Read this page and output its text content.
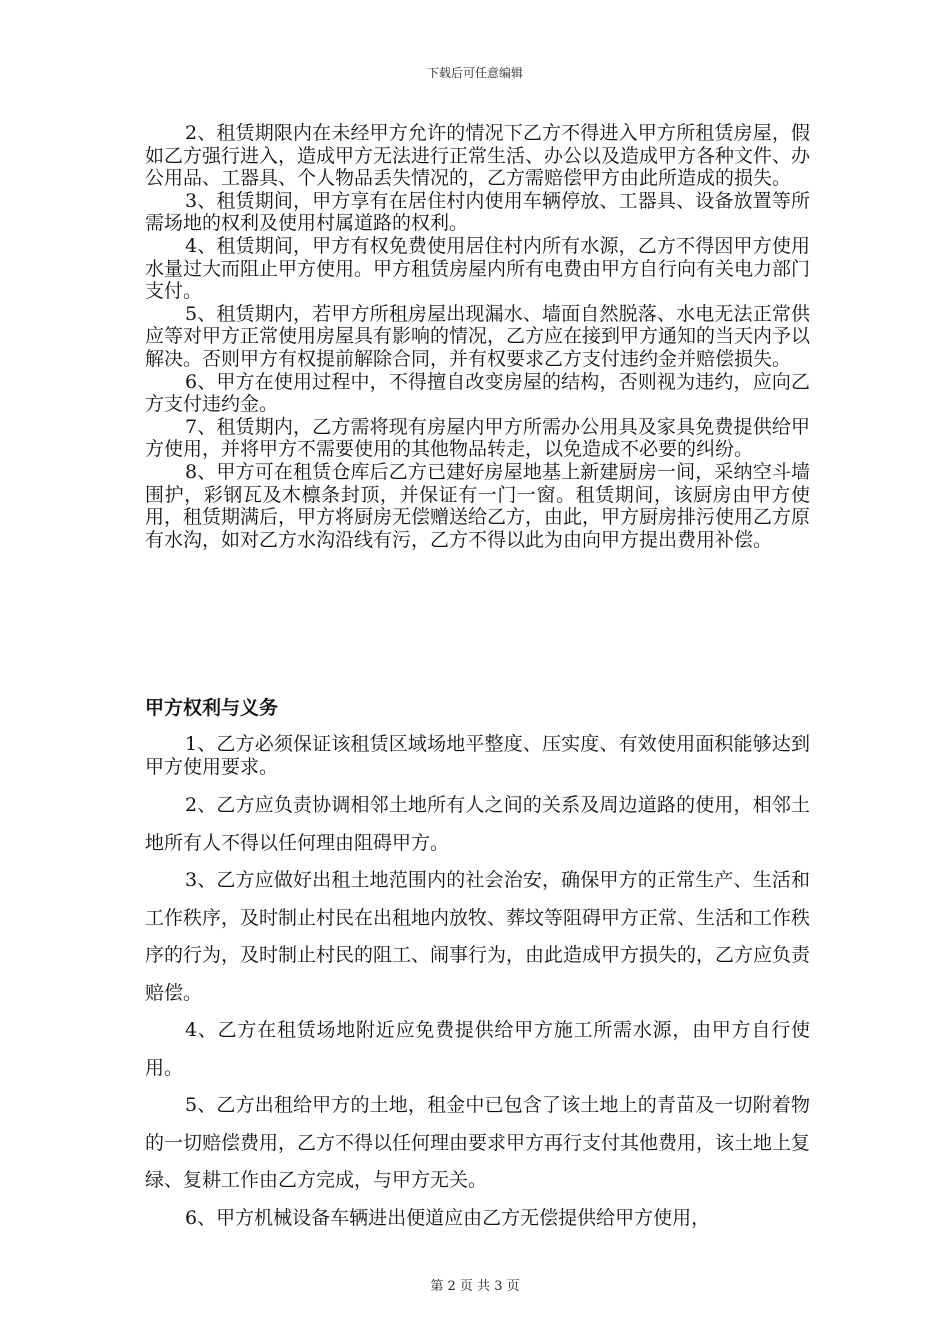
下载后可任意编辑

2、租赁期限内在未经甲方允许的情况下乙方不得进入甲方所租赁房屋，假如乙方强行进入，造成甲方无法进行正常生活、办公以及造成甲方各种文件、办公用品、工器具、个人物品丢失情况的，乙方需赔偿甲方由此所造成的损失。

3、租赁期间，甲方享有在居住村内使用车辆停放、工器具、设备放置等所需场地的权利及使用村属道路的权利。

4、租赁期间，甲方有权免费使用居住村内所有水源，乙方不得因甲方使用水量过大而阻止甲方使用。甲方租赁房屋内所有电费由甲方自行向有关电力部门支付。

5、租赁期内，若甲方所租房屋出现漏水、墙面自然脱落、水电无法正常供应等对甲方正常使用房屋具有影响的情况，乙方应在接到甲方通知的当天内予以解决。否则甲方有权提前解除合同，并有权要求乙方支付违约金并赔偿损失。

6、甲方在使用过程中，不得擅自改变房屋的结构，否则视为违约，应向乙方支付违约金。

7、租赁期内，乙方需将现有房屋内甲方所需办公用具及家具免费提供给甲方使用，并将甲方不需要使用的其他物品转走，以免造成不必要的纠纷。

8、甲方可在租赁仓库后乙方已建好房屋地基上新建厨房一间，采纳空斗墙围护，彩钢瓦及木檩条封顶，并保证有一门一窗。租赁期间，该厨房由甲方使用，租赁期满后，甲方将厨房无偿赠送给乙方，由此，甲方厨房排污使用乙方原有水沟，如对乙方水沟沿线有污，乙方不得以此为由向甲方提出费用补偿。

甲方权利与义务

1、乙方必须保证该租赁区域场地平整度、压实度、有效使用面积能够达到甲方使用要求。

2、乙方应负责协调相邻土地所有人之间的关系及周边道路的使用，相邻土地所有人不得以任何理由阻碍甲方。

3、乙方应做好出租土地范围内的社会治安，确保甲方的正常生产、生活和工作秩序，及时制止村民在出租地内放牧、葬坟等阻碍甲方正常、生活和工作秩序的行为，及时制止村民的阻工、闹事行为，由此造成甲方损失的，乙方应负责赔偿。

4、乙方在租赁场地附近应免费提供给甲方施工所需水源，由甲方自行使用。

5、乙方出租给甲方的土地，租金中已包含了该土地上的青苗及一切附着物的一切赔偿费用，乙方不得以任何理由要求甲方再行支付其他费用，该土地上复绿、复耕工作由乙方完成，与甲方无关。

6、甲方机械设备车辆进出便道应由乙方无偿提供给甲方使用，

第 2 页 共 3 页
